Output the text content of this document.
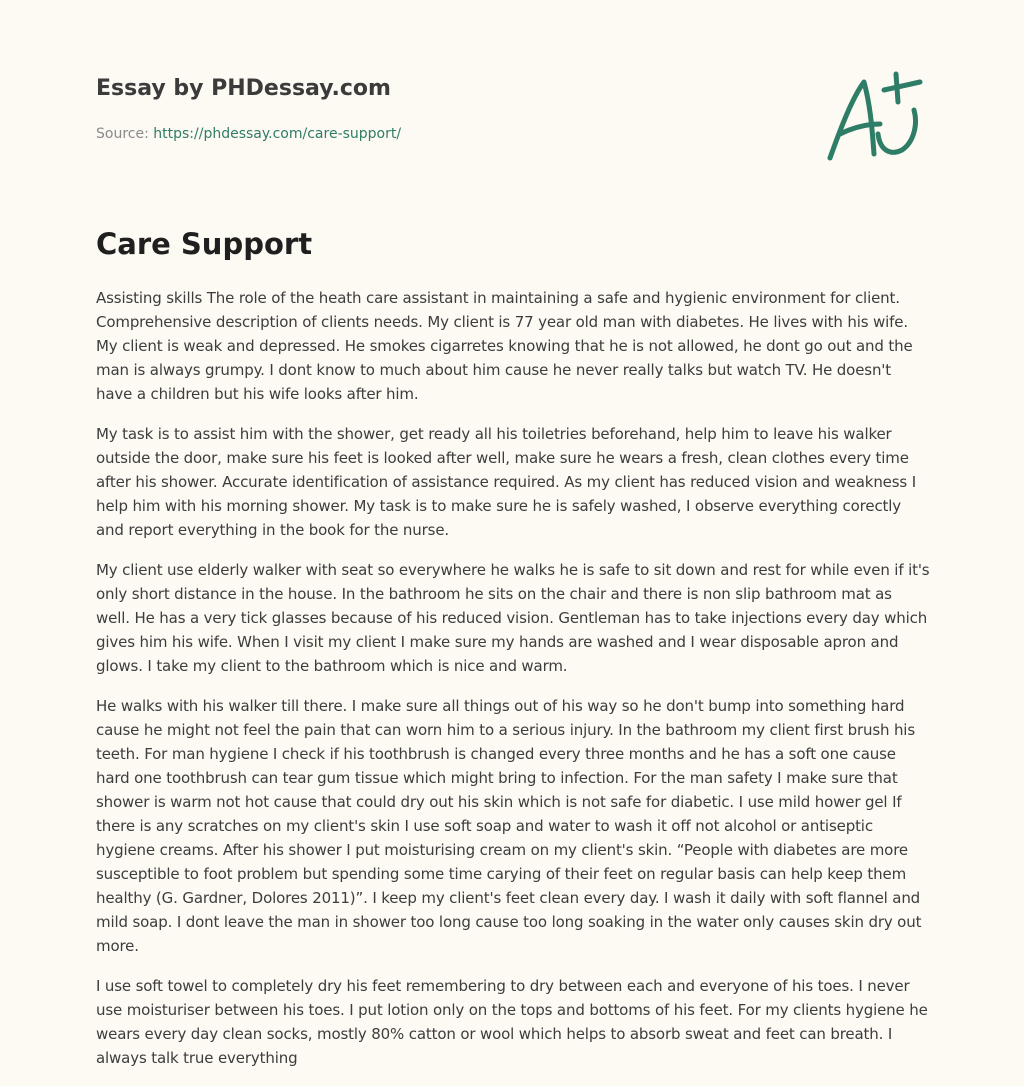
Essay by PHDessay.com
Source: https://phdessay.com/care-support/
Care Support

Assisting skills The role of the heath care assistant in maintaining a safe and hygienic environment for client. Comprehensive description of clients needs. My client is 77 year old man with diabetes. He lives with his wife. My client is weak and depressed. He smokes cigarretes knowing that he is not allowed, he dont go out and the man is always grumpy. I dont know to much about him cause he never really talks but watch TV. He doesn't have a children but his wife looks after him.

My task is to assist him with the shower, get ready all his toiletries beforehand, help him to leave his walker outside the door, make sure his feet is looked after well, make sure he wears a fresh, clean clothes every time after his shower. Accurate identification of assistance required. As my client has reduced vision and weakness I help him with his morning shower. My task is to make sure he is safely washed, I observe everything corectly and report everything in the book for the nurse.

My client use elderly walker with seat so everywhere he walks he is safe to sit down and rest for while even if it's only short distance in the house. In the bathroom he sits on the chair and there is non slip bathroom mat as well. He has a very tick glasses because of his reduced vision. Gentleman has to take injections every day which gives him his wife. When I visit my client I make sure my hands are washed and I wear disposable apron and glows. I take my client to the bathroom which is nice and warm.

He walks with his walker till there. I make sure all things out of his way so he don't bump into something hard cause he might not feel the pain that can worn him to a serious injury. In the bathroom my client first brush his teeth. For man hygiene I check if his toothbrush is changed every three months and he has a soft one cause hard one toothbrush can tear gum tissue which might bring to infection. For the man safety I make sure that shower is warm not hot cause that could dry out his skin which is not safe for diabetic. I use mild hower gel If there is any scratches on my client's skin I use soft soap and water to wash it off not alcohol or antiseptic hygiene creams. After his shower I put moisturising cream on my client's skin. “People with diabetes are more susceptible to foot problem but spending some time carying of their feet on regular basis can help keep them healthy (G. Gardner, Dolores 2011)”. I keep my client's feet clean every day. I wash it daily with soft flannel and mild soap. I dont leave the man in shower too long cause too long soaking in the water only causes skin dry out more.

I use soft towel to completely dry his feet remembering to dry between each and everyone of his toes. I never use moisturiser between his toes. I put lotion only on the tops and bottoms of his feet. For my clients hygiene he wears every day clean socks, mostly 80% catton or wool which helps to absorb sweat and feet can breath. I always talk true everything
